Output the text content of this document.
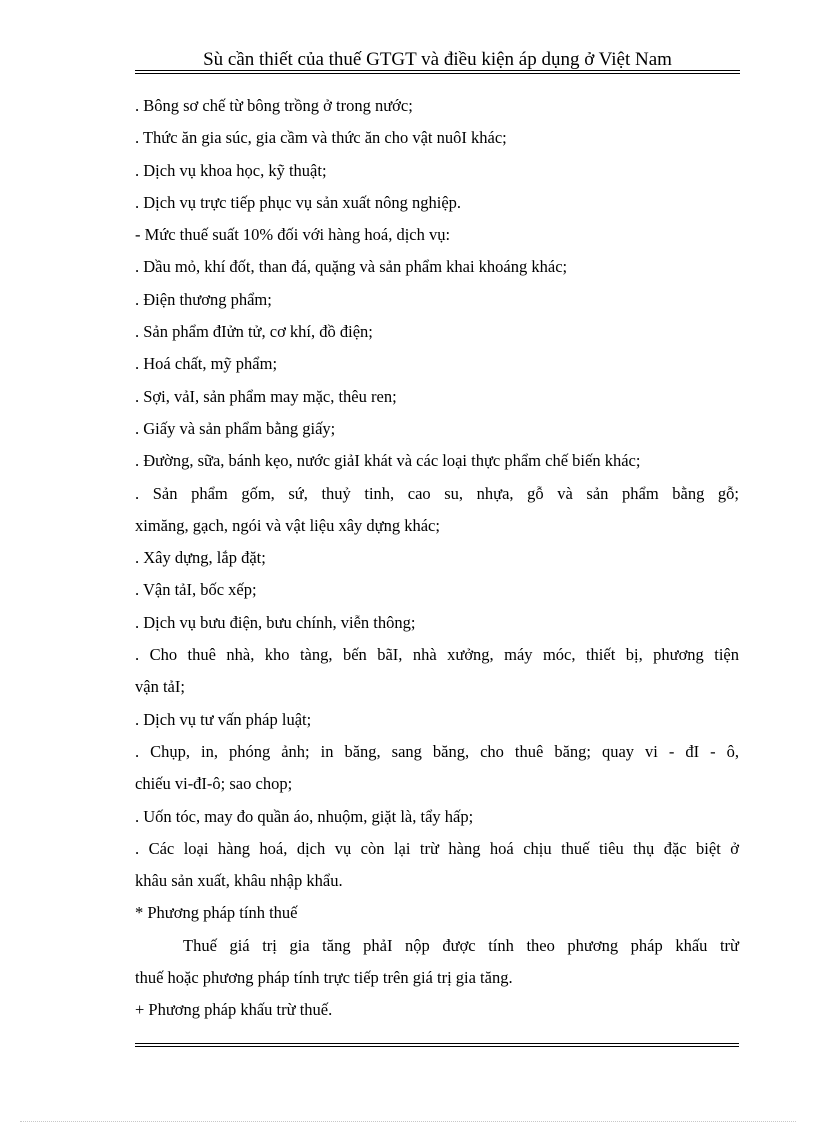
Sù cần thiết của thuế GTGT và điều kiện áp dụng ở Việt Nam
. Bông sơ chế từ bông trồng ở trong nước;
. Thức ăn gia súc, gia cầm và thức ăn cho vật nuôI khác;
. Dịch vụ khoa học, kỹ thuật;
. Dịch vụ trực tiếp phục vụ sản xuất nông nghiệp.
- Mức thuế suất 10% đối với hàng hoá, dịch vụ:
. Dầu mỏ, khí đốt, than đá, quặng và sản phẩm khai khoáng khác;
. Điện thương phẩm;
. Sản phẩm đIửn tử, cơ khí, đồ điện;
. Hoá chất, mỹ phẩm;
. Sợi, vảI, sản phẩm may mặc, thêu ren;
. Giấy và sản phẩm bằng giấy;
. Đường, sữa, bánh kẹo, nước giảI khát và các loại thực phẩm chế biến khác;
. Sản phẩm gốm, sứ, thuỷ tinh, cao su, nhựa, gỗ và sản phẩm bằng gỗ;
ximăng, gạch, ngói và vật liệu xây dựng khác;
. Xây dựng, lắp đặt;
. Vận tảI, bốc xếp;
. Dịch vụ bưu điện, bưu chính, viễn thông;
. Cho thuê nhà, kho tàng, bến bãI, nhà xưởng, máy móc, thiết bị, phương tiện
vận tảI;
. Dịch vụ tư vấn pháp luật;
. Chụp, in, phóng ảnh; in băng, sang băng, cho thuê băng; quay vi - đI - ô,
chiếu vi-đI-ô; sao chop;
. Uốn tóc, may đo quần áo, nhuộm, giặt là, tẩy hấp;
. Các loại hàng hoá, dịch vụ còn lại trừ hàng hoá chịu thuế tiêu thụ đặc biệt ở
khâu sản xuất, khâu nhập khẩu.
* Phương pháp tính thuế
Thuế giá trị gia tăng phảI nộp được tính theo phương pháp khấu trừ
thuế hoặc phương pháp tính trực tiếp trên giá trị gia tăng.
+ Phương pháp khấu trừ thuế.
